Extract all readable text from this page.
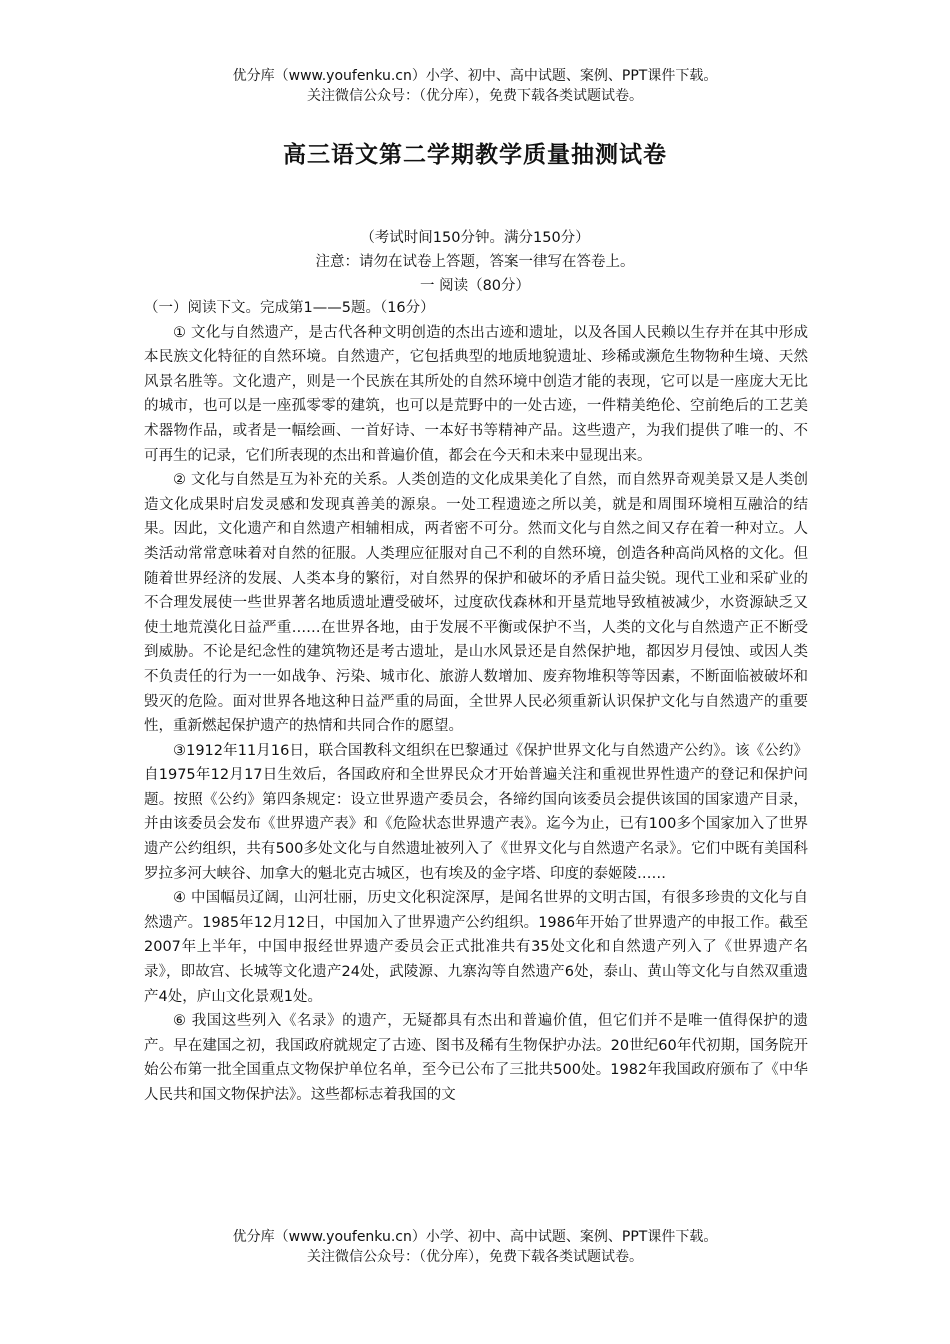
优分库（www.youfenku.cn）小学、初中、高中试题、案例、PPT课件下载。
关注微信公众号：（优分库），免费下载各类试题试卷。
高三语文第二学期教学质量抽测试卷
（考试时间150分钟。满分150分）
注意：请勿在试卷上答题，答案一律写在答卷上。
一 阅读（80分）

（一）阅读下文。完成第1——5题。（16分）

① 文化与自然遗产，是古代各种文明创造的杰出古迹和遗址，以及各国人民赖以生存并在其中形成本民族文化特征的自然环境。自然遗产，它包括典型的地质地貌遗址、珍稀或濒危生物物种生境、天然风景名胜等。文化遗产，则是一个民族在其所处的自然环境中创造才能的表现，它可以是一座庞大无比的城市，也可以是一座孤零零的建筑，也可以是荒野中的一处古迹，一件精美绝伦、空前绝后的工艺美术器物作品，或者是一幅绘画、一首好诗、一本好书等精神产品。这些遗产，为我们提供了唯一的、不可再生的记录，它们所表现的杰出和普遍价值，都会在今天和未来中显现出来。

② 文化与自然是互为补充的关系。人类创造的文化成果美化了自然，而自然界奇观美景又是人类创造文化成果时启发灵感和发现真善美的源泉。一处工程遗迹之所以美，就是和周围环境相互融洽的结果。因此，文化遗产和自然遗产相辅相成，两者密不可分。然而文化与自然之间又存在着一种对立。人类活动常常意味着对自然的征服。人类理应征服对自己不利的自然环境，创造各种高尚风格的文化。但随着世界经济的发展、人类本身的繁衍，对自然界的保护和破坏的矛盾日益尖锐。现代工业和采矿业的不合理发展使一些世界著名地质遗址遭受破坏，过度砍伐森林和开垦荒地导致植被减少，水资源缺乏又使土地荒漠化日益严重……在世界各地，由于发展不平衡或保护不当，人类的文化与自然遗产正不断受到威胁。不论是纪念性的建筑物还是考古遗址，是山水风景还是自然保护地，都因岁月侵蚀、或因人类不负责任的行为一一如战争、污染、城市化、旅游人数增加、废弃物堆积等等因素，不断面临被破坏和毁灭的危险。面对世界各地这种日益严重的局面，全世界人民必须重新认识保护文化与自然遗产的重要性，重新燃起保护遗产的热情和共同合作的愿望。

③1912年11月16日，联合国教科文组织在巴黎通过《保护世界文化与自然遗产公约》。该《公约》自1975年12月17日生效后，各国政府和全世界民众才开始普遍关注和重视世界性遗产的登记和保护问题。按照《公约》第四条规定：设立世界遗产委员会，各缔约国向该委员会提供该国的国家遗产目录，并由该委员会发布《世界遗产表》和《危险状态世界遗产表》。迄今为止，已有100多个国家加入了世界遗产公约组织，共有500多处文化与自然遗址被列入了《世界文化与自然遗产名录》。它们中既有美国科罗拉多河大峡谷、加拿大的魁北克古城区，也有埃及的金字塔、印度的泰姬陵……

④ 中国幅员辽阔，山河壮丽，历史文化积淀深厚，是闻名世界的文明古国，有很多珍贵的文化与自然遗产。1985年12月12日，中国加入了世界遗产公约组织。1986年开始了世界遗产的申报工作。截至2007年上半年，中国申报经世界遗产委员会正式批准共有35处文化和自然遗产列入了《世界遗产名录》，即故宫、长城等文化遗产24处，武陵源、九寨沟等自然遗产6处，泰山、黄山等文化与自然双重遗产4处，庐山文化景观1处。

⑥ 我国这些列入《名录》的遗产，无疑都具有杰出和普遍价值，但它们并不是唯一值得保护的遗产。早在建国之初，我国政府就规定了古迹、图书及稀有生物保护办法。20世纪60年代初期，国务院开始公布第一批全国重点文物保护单位名单，至今已公布了三批共500处。1982年我国政府颁布了《中华人民共和国文物保护法》。这些都标志着我国的文

优分库（www.youfenku.cn）小学、初中、高中试题、案例、PPT课件下载。
关注微信公众号：（优分库），免费下载各类试题试卷。
